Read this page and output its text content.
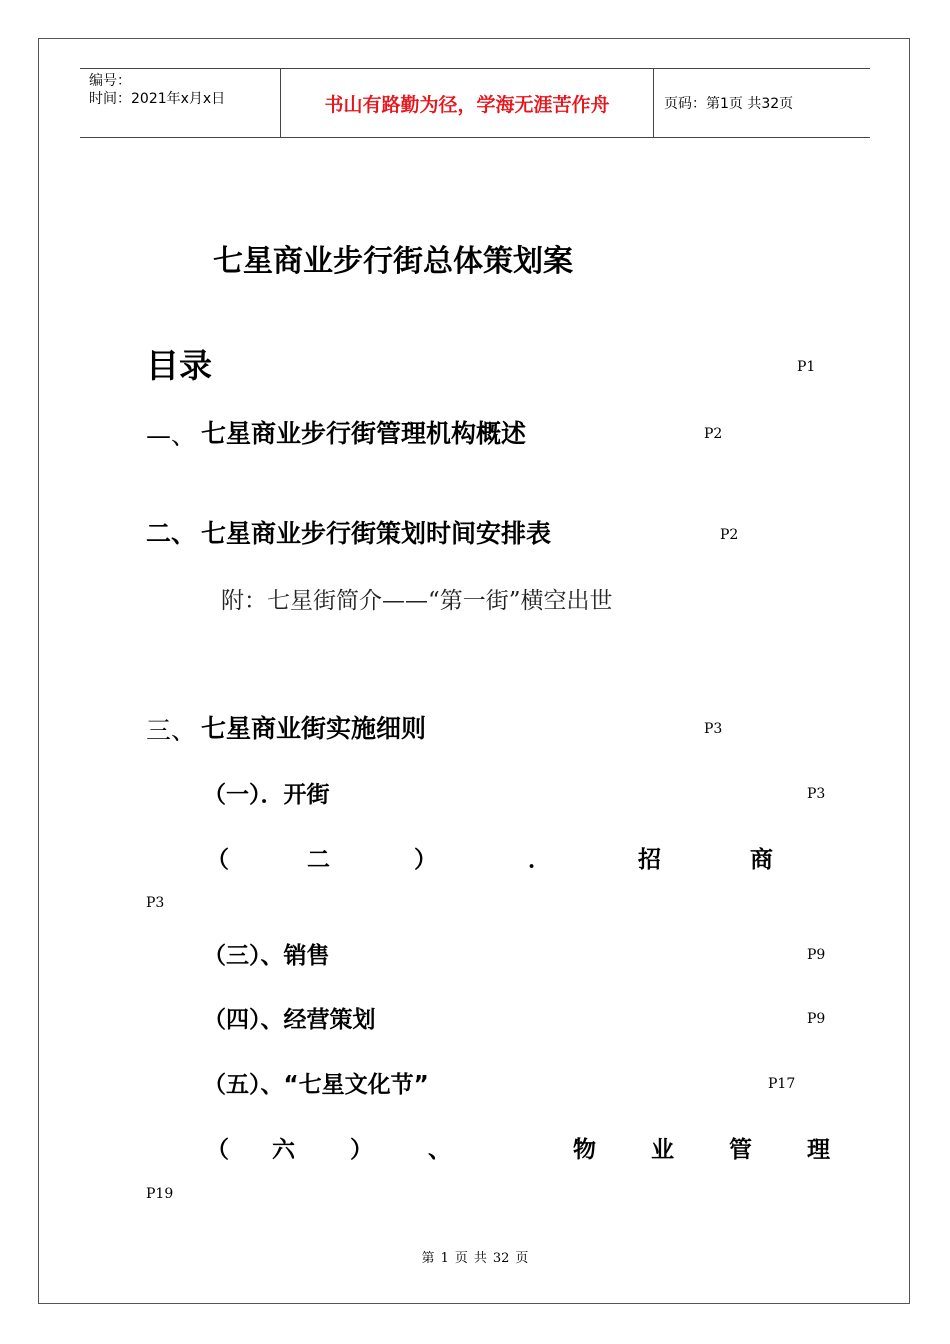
编号：
时间：2021年x月x日	书山有路勤为径，学海无涯苦作舟	页码：第1页 共32页
七星商业步行街总体策划案
目录	P1
—、 七星商业步行街管理机构概述	P2
二、 七星商业步行街策划时间安排表	P2
附：七星街简介——“第一街”横空出世
三、 七星商业街实施细则	P3
（一）．开街	P3
（	二	）	．	招	商
P3
（三）、销售	P9
（四）、经营策划	P9
（五）、“七星文化节”	P17
（ 六 ） 、	物 业 管 理
P19
第 1 页 共 32 页
